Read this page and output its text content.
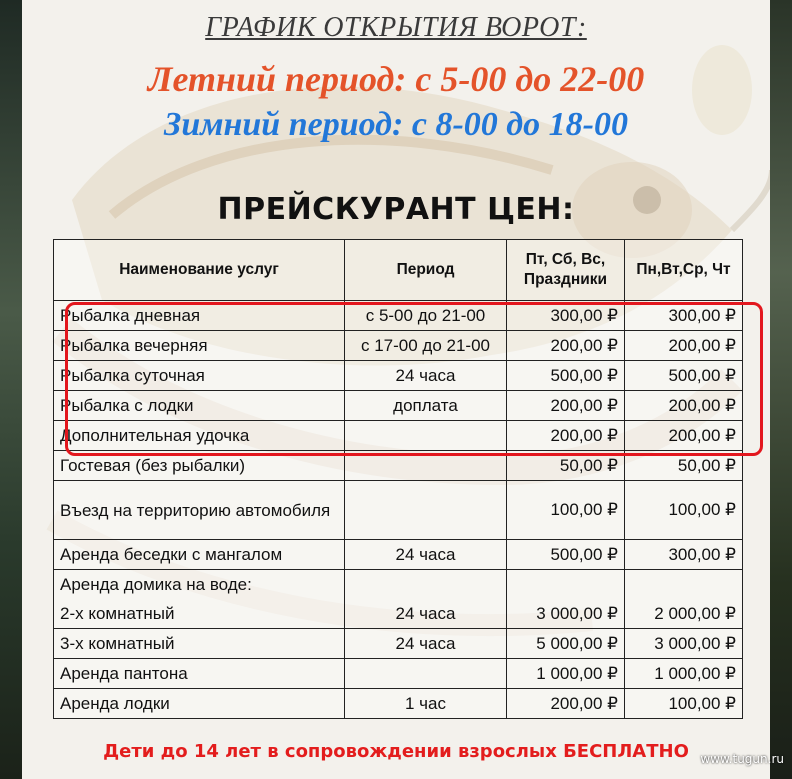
ГРАФИК ОТКРЫТИЯ ВОРОТ:
Летний период: с 5-00 до 22-00
Зимний период: с 8-00 до 18-00
ПРЕЙСКУРАНТ ЦЕН:
Наименование услуг	Период	Пт, Сб, Вс, Праздники	Пн,Вт,Ср, Чт
Рыбалка дневная	с 5-00 до 21-00	300,00 ₽	300,00 ₽
Рыбалка вечерняя	с 17-00 до 21-00	200,00 ₽	200,00 ₽
Рыбалка суточная	24 часа	500,00 ₽	500,00 ₽
Рыбалка с лодки	доплата	200,00 ₽	200,00 ₽
Дополнительная удочка		200,00 ₽	200,00 ₽
Гостевая (без рыбалки)		50,00 ₽	50,00 ₽
Въезд на территорию автомобиля		100,00 ₽	100,00 ₽
Аренда беседки с мангалом	24 часа	500,00 ₽	300,00 ₽
Аренда домика на воде:			
2-х комнатный	24 часа	3 000,00 ₽	2 000,00 ₽
3-х комнатный	24 часа	5 000,00 ₽	3 000,00 ₽
Аренда пантона		1 000,00 ₽	1 000,00 ₽
Аренда лодки	1 час	200,00 ₽	100,00 ₽
Дети до 14 лет в сопровождении взрослых БЕСПЛАТНО www.tugun.ru
